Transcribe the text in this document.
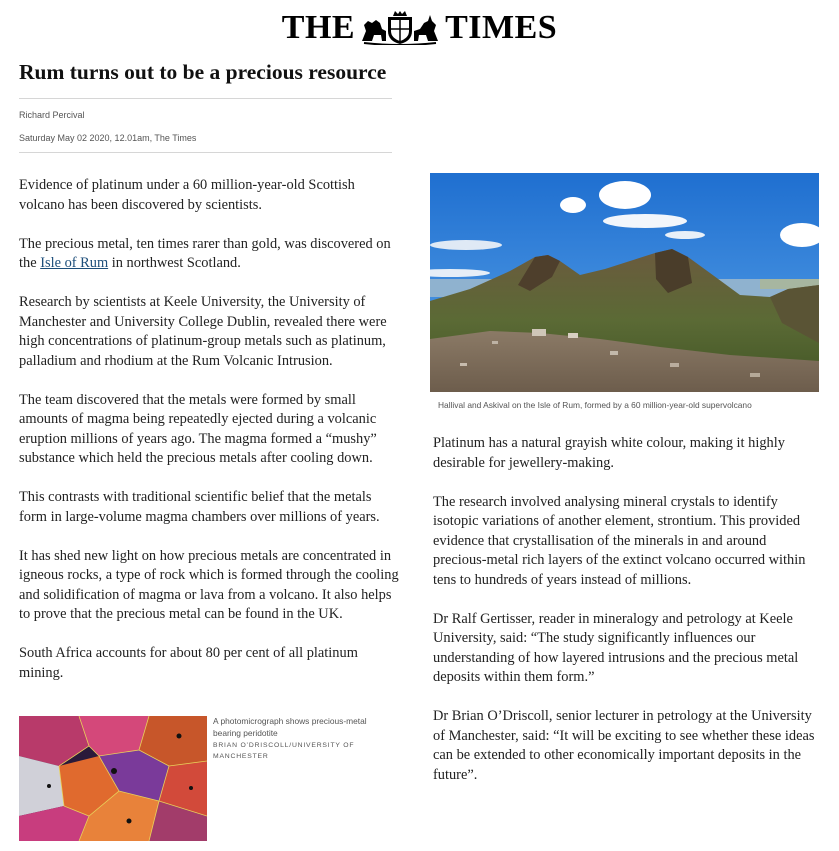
THE	TIMES
Rum turns out to be a precious resource
Richard Percival
Saturday May 02 2020, 12.01am, The Times

Evidence of platinum under a 60 million-year-old Scottish volcano has been discovered by scientists.

The precious metal, ten times rarer than gold, was discovered on the Isle of Rum in northwest Scotland.

Research by scientists at Keele University, the University of Manchester and University College Dublin, revealed there were high concentrations of platinum-group metals such as platinum, palladium and rhodium at the Rum Volcanic Intrusion.

The team discovered that the metals were formed by small amounts of magma being repeatedly ejected during a volcanic eruption millions of years ago. The magma formed a “mushy” substance which held the precious metals after cooling down.

This contrasts with traditional scientific belief that the metals form in large-volume magma chambers over millions of years.

It has shed new light on how precious metals are concentrated in igneous rocks, a type of rock which is formed through the cooling and solidification of magma or lava from a volcano. It also helps to prove that the precious metal can be found in the UK.

South Africa accounts for about 80 per cent of all platinum mining.

Hallival and Askival on the Isle of Rum, formed by a 60 million-year-old supervolcano

Platinum has a natural grayish white colour, making it highly desirable for jewellery-making.

The research involved analysing mineral crystals to identify isotopic variations of another element, strontium. This provided evidence that crystallisation of the minerals in and around precious-metal rich layers of the extinct volcano occurred within tens to hundreds of years instead of millions.

Dr Ralf Gertisser, reader in mineralogy and petrology at Keele University, said: “The study significantly influences our understanding of how layered intrusions and the precious metal deposits within them form.”

Dr Brian O’Driscoll, senior lecturer in petrology at the University of Manchester, said: “It will be exciting to see whether these ideas can be extended to other economically important deposits in the future”.

A photomicrograph shows precious-metal bearing peridotite
BRIAN O’DRISCOLL/UNIVERSITY OF MANCHESTER
